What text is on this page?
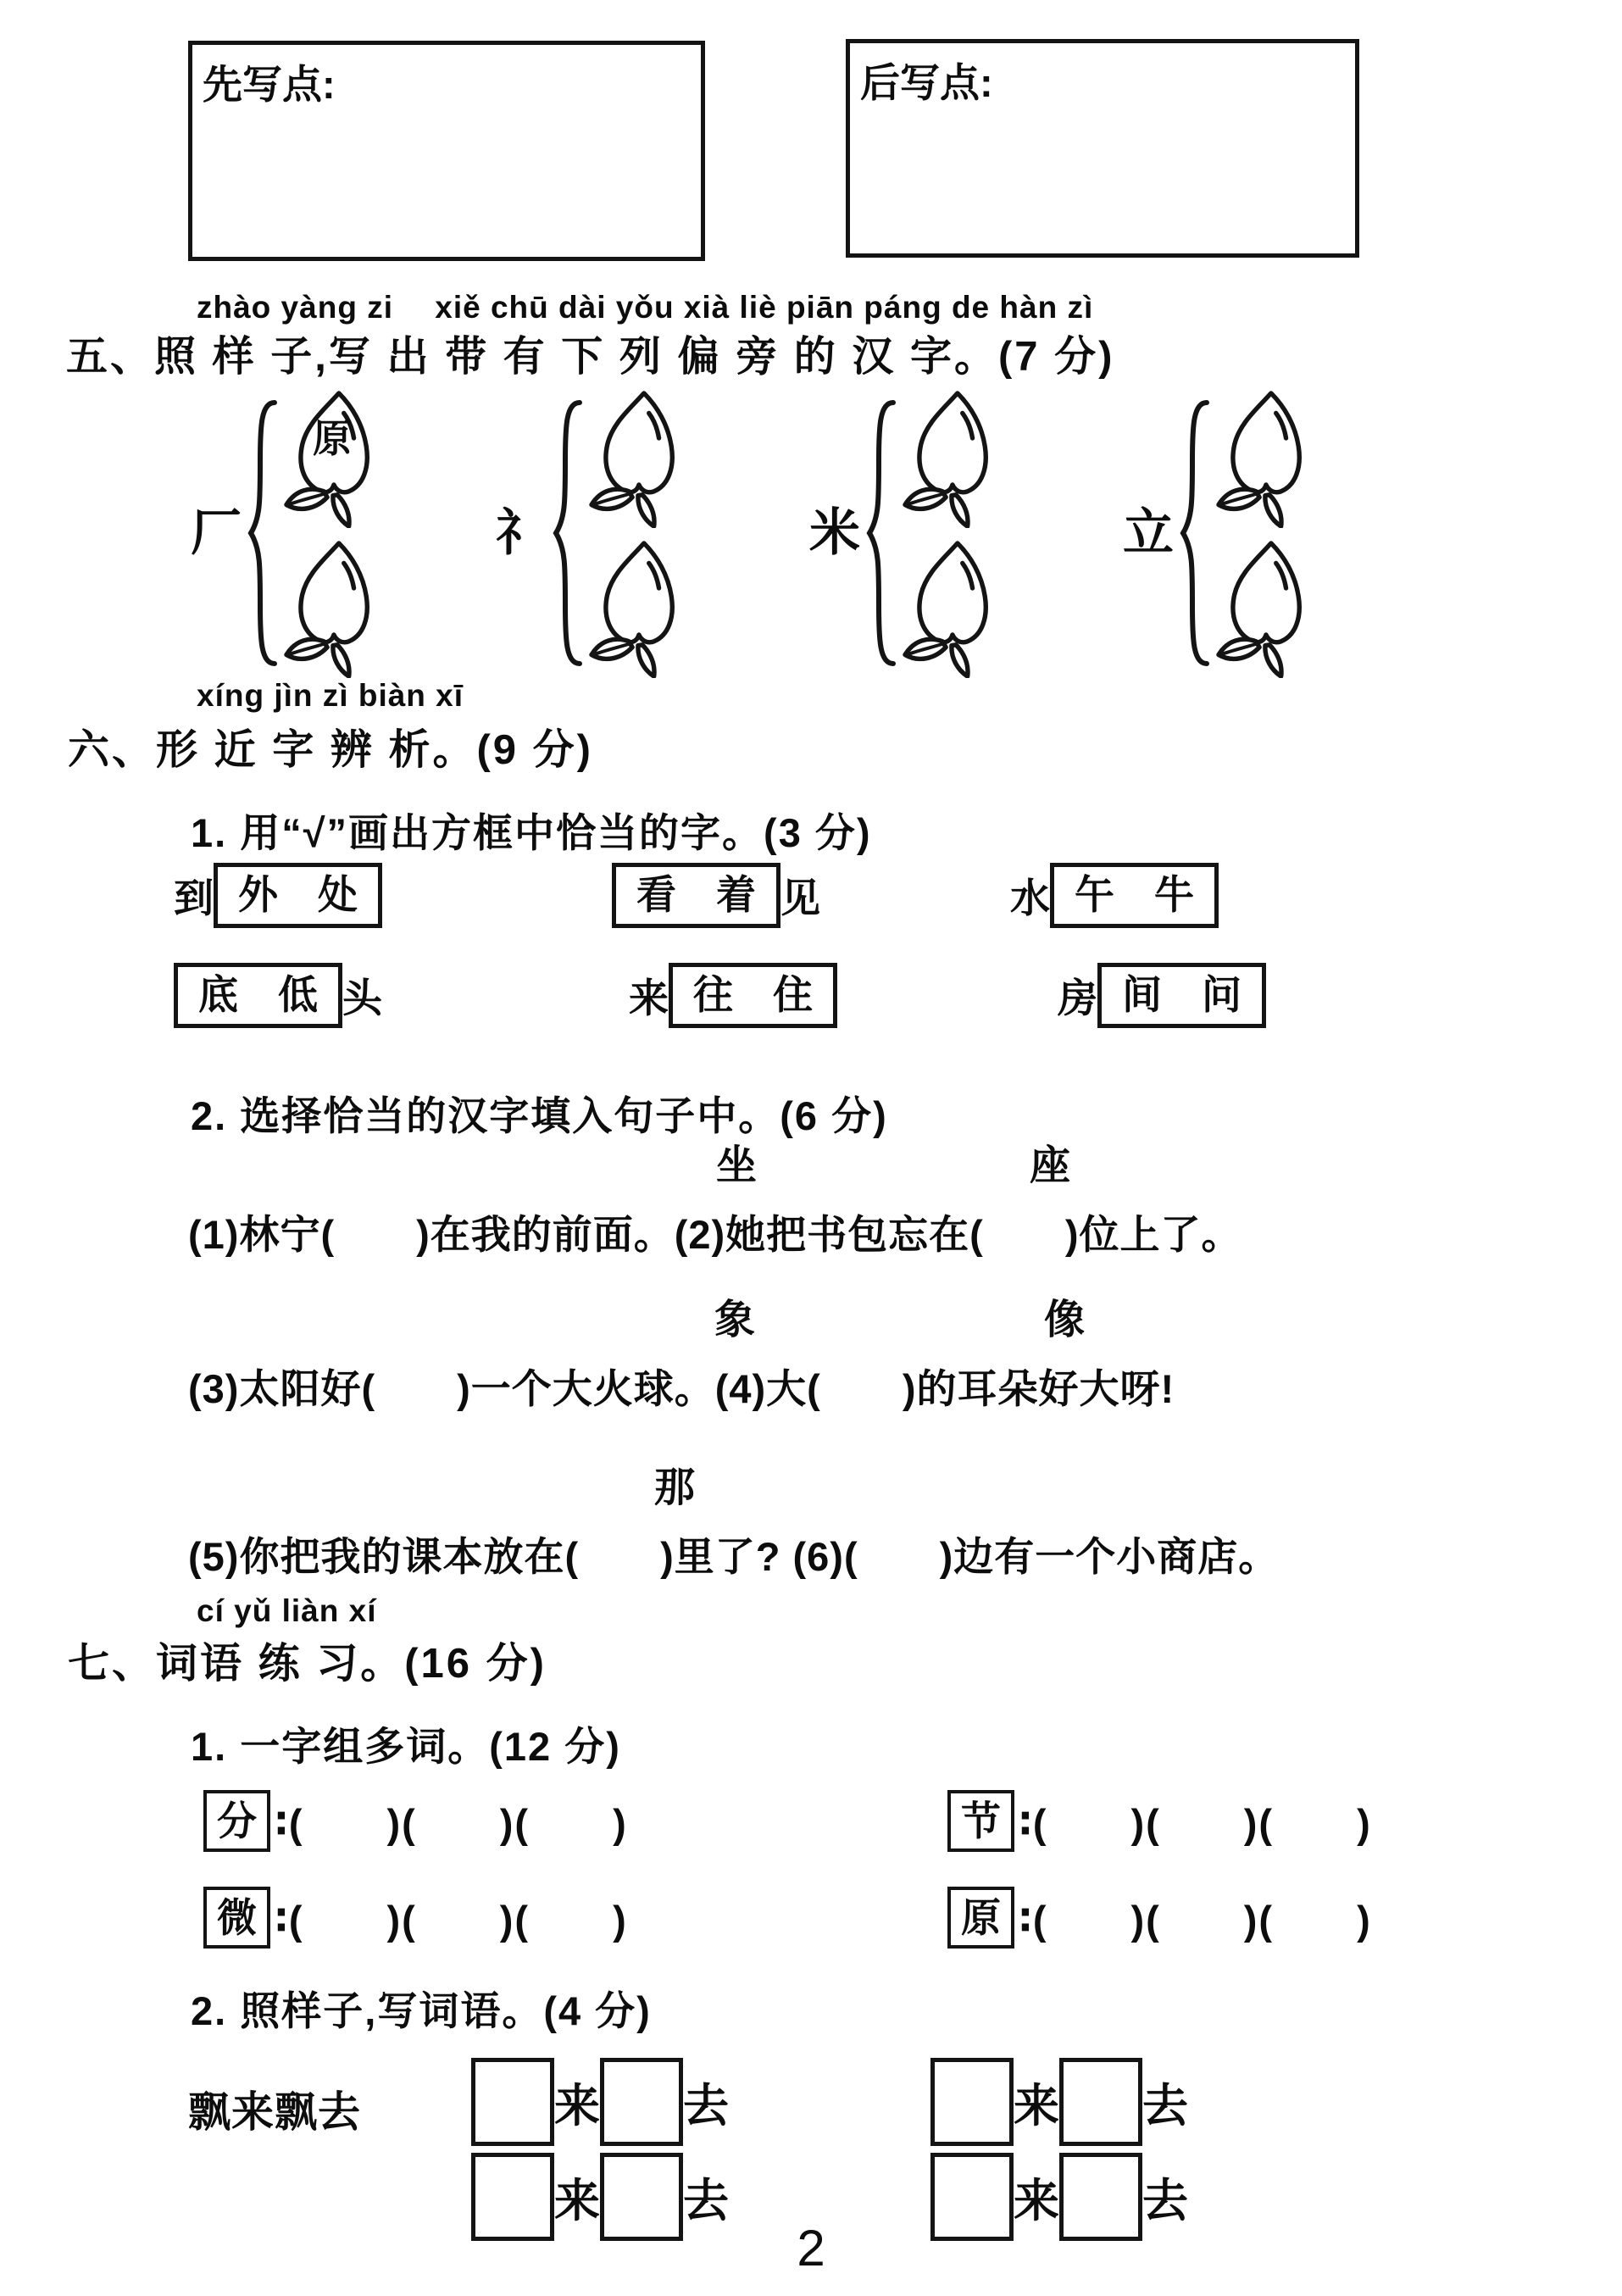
先写点:	后写点:
zhào yàng zi　 xiě chū dài yǒu xià liè piān páng de hàn zì
五、照 样 子,写 出 带 有 下 列 偏 旁 的 汉 字。(7 分)
厂
原
礻	米	立
xíng jìn zì biàn xī
六、形 近 字 辨 析。(9 分)
1. 用“√”画出方框中恰当的字。(3 分)
到 外　处	看　着 见	水 午　牛
底　低 头	来 往　住	房 间　问
2. 选择恰当的汉字填入句子中。(6 分)
坐	座
(1)林宁(　　)在我的前面。(2)她把书包忘在(　　)位上了。
象	像
(3)太阳好(　　)一个大火球。(4)大(　　)的耳朵好大呀!
那
(5)你把我的课本放在(　　)里了? (6)(　　)边有一个小商店。
cí yǔ liàn xí
七、词语 练 习。(16 分)
1. 一字组多词。(12 分)
分 ∶(　　)(　　)(　　)	节 ∶(　　)(　　)(　　)
微 ∶(　　)(　　)(　　)	原 ∶(　　)(　　)(　　)
2. 照样子,写词语。(4 分)
飘来飘去	来 去	来 去
来 去	来 去
2
